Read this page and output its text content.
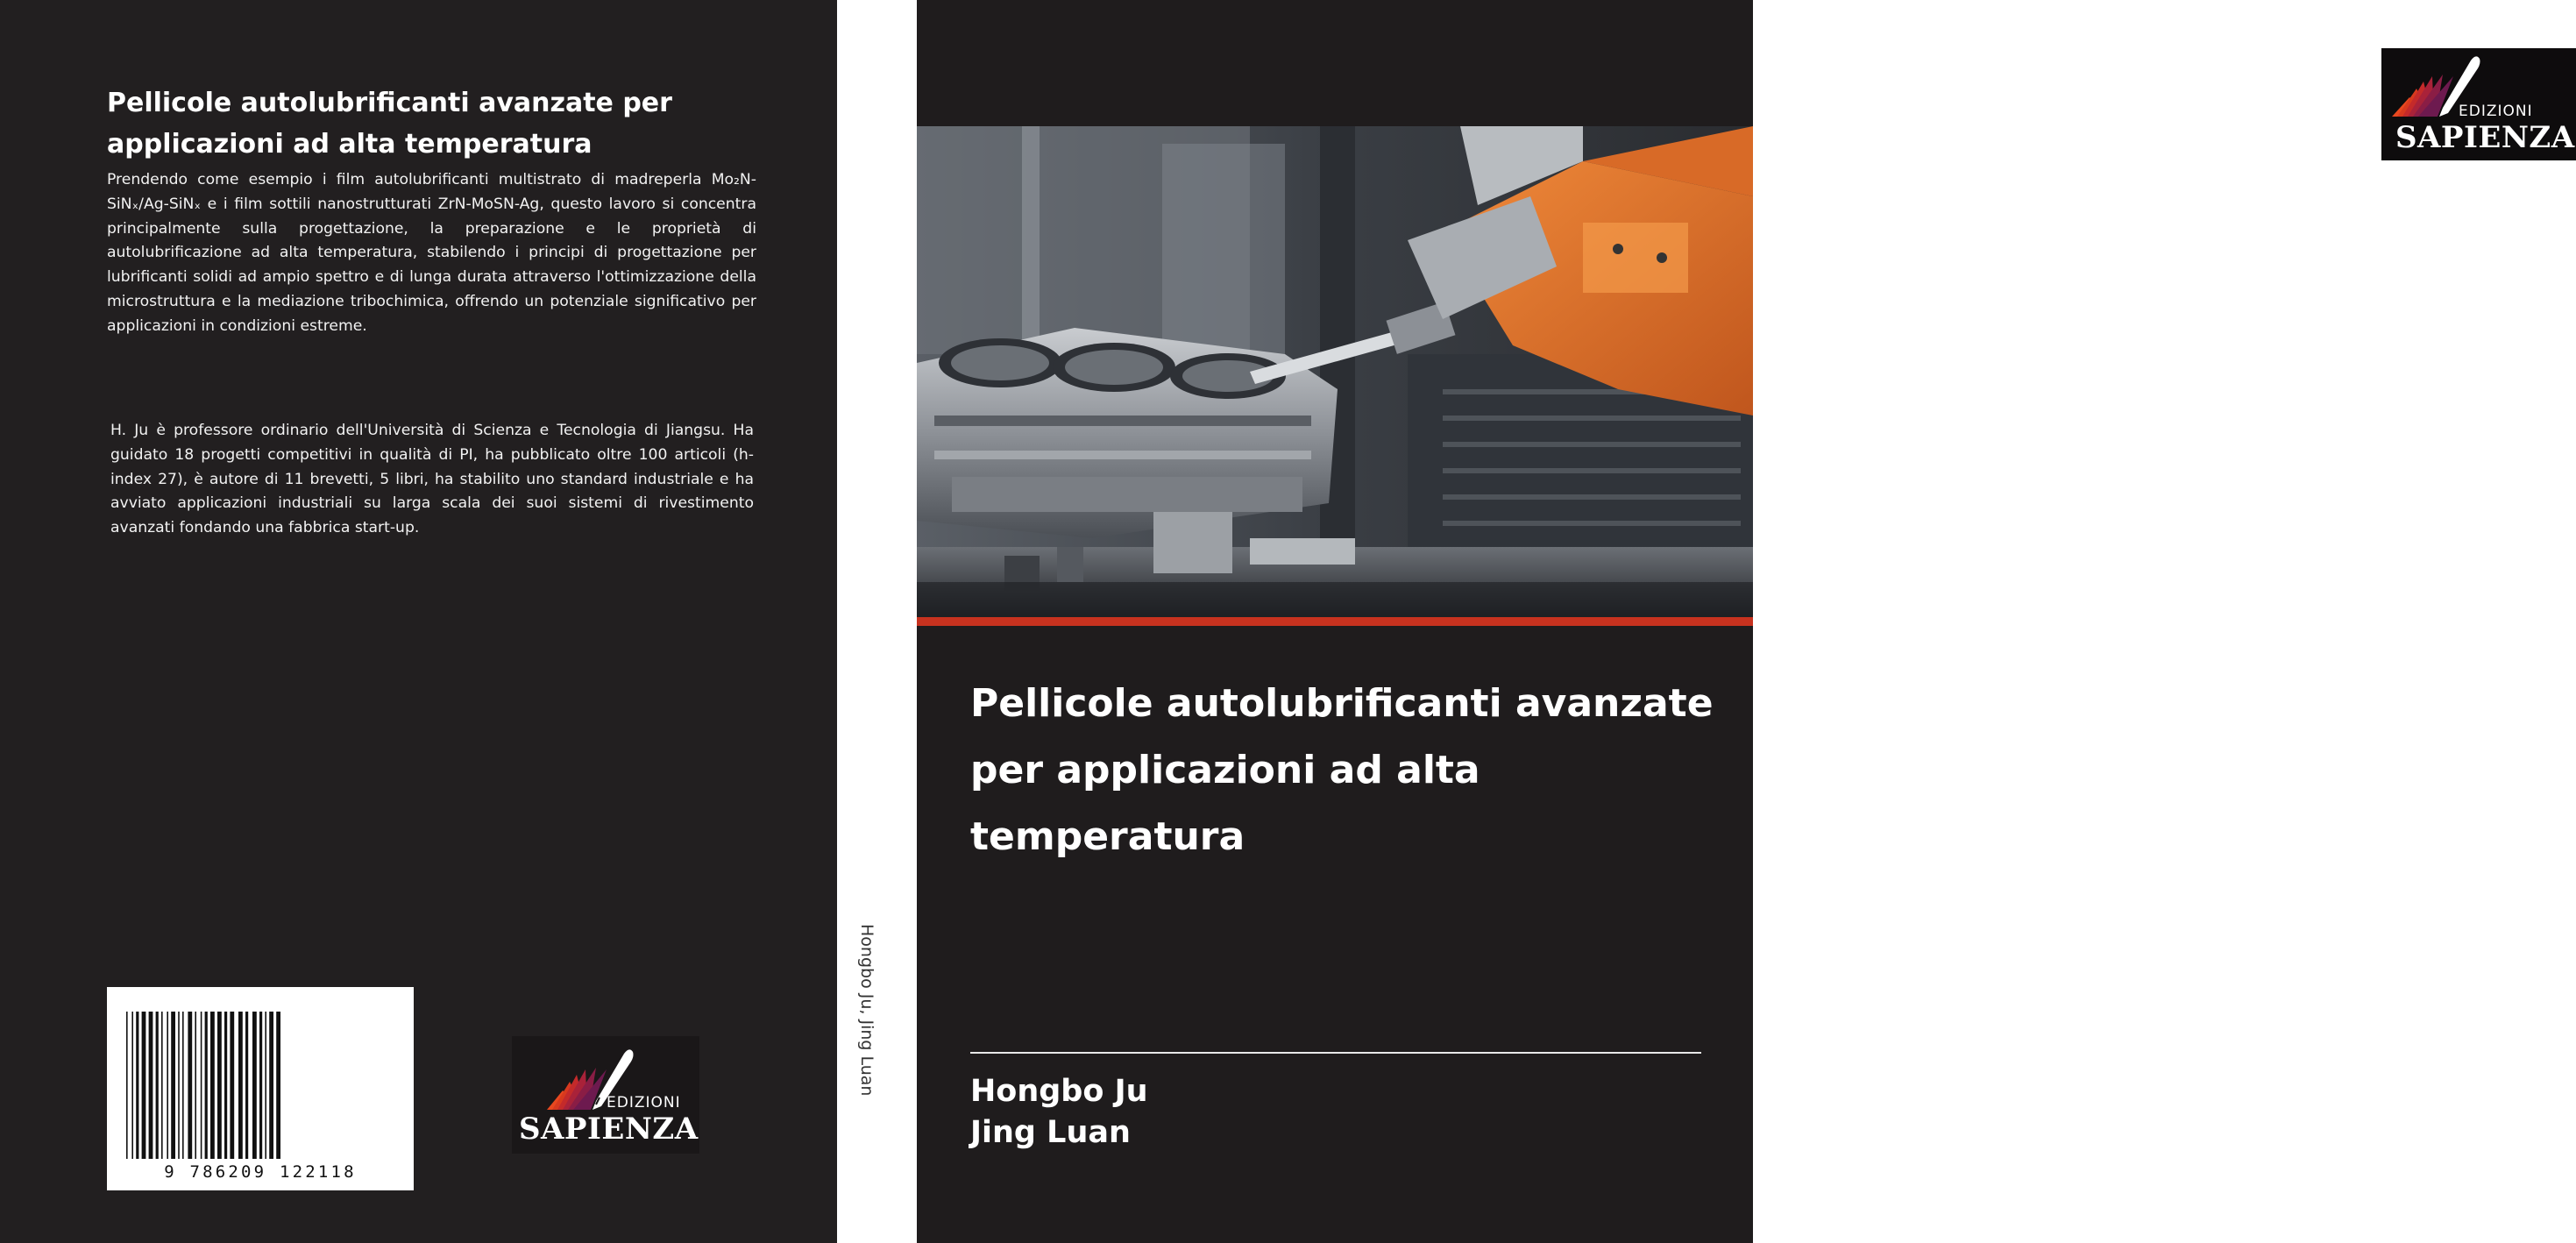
Pellicole autolubrificanti avanzate per applicazioni ad alta temperatura

Prendendo come esempio i film autolubrificanti multistrato di madreperla Mo₂N-SiNₓ/Ag-SiNₓ e i film sottili nanostrutturati ZrN-MoSN-Ag, questo lavoro si concentra principalmente sulla progettazione, la preparazione e le proprietà di autolubrificazione ad alta temperatura, stabilendo i principi di progettazione per lubrificanti solidi ad ampio spettro e di lunga durata attraverso l'ottimizzazione della microstruttura e la mediazione tribochimica, offrendo un potenziale significativo per applicazioni in condizioni estreme.

H. Ju è professore ordinario dell'Università di Scienza e Tecnologia di Jiangsu. Ha guidato 18 progetti competitivi in qualità di PI, ha pubblicato oltre 100 articoli (h-index 27), è autore di 11 brevetti, 5 libri, ha stabilito uno standard industriale e ha avviato applicazioni industriali su larga scala dei suoi sistemi di rivestimento avanzati fondando una fabbrica start-up.

9 786209 122118
EDIZIONI
SAPIENZA
Hongbo Ju, Jing Luan
EDIZIONI
SAPIENZA
Pellicole autolubrificanti avanzate per applicazioni ad alta temperatura
Hongbo Ju
Jing Luan
